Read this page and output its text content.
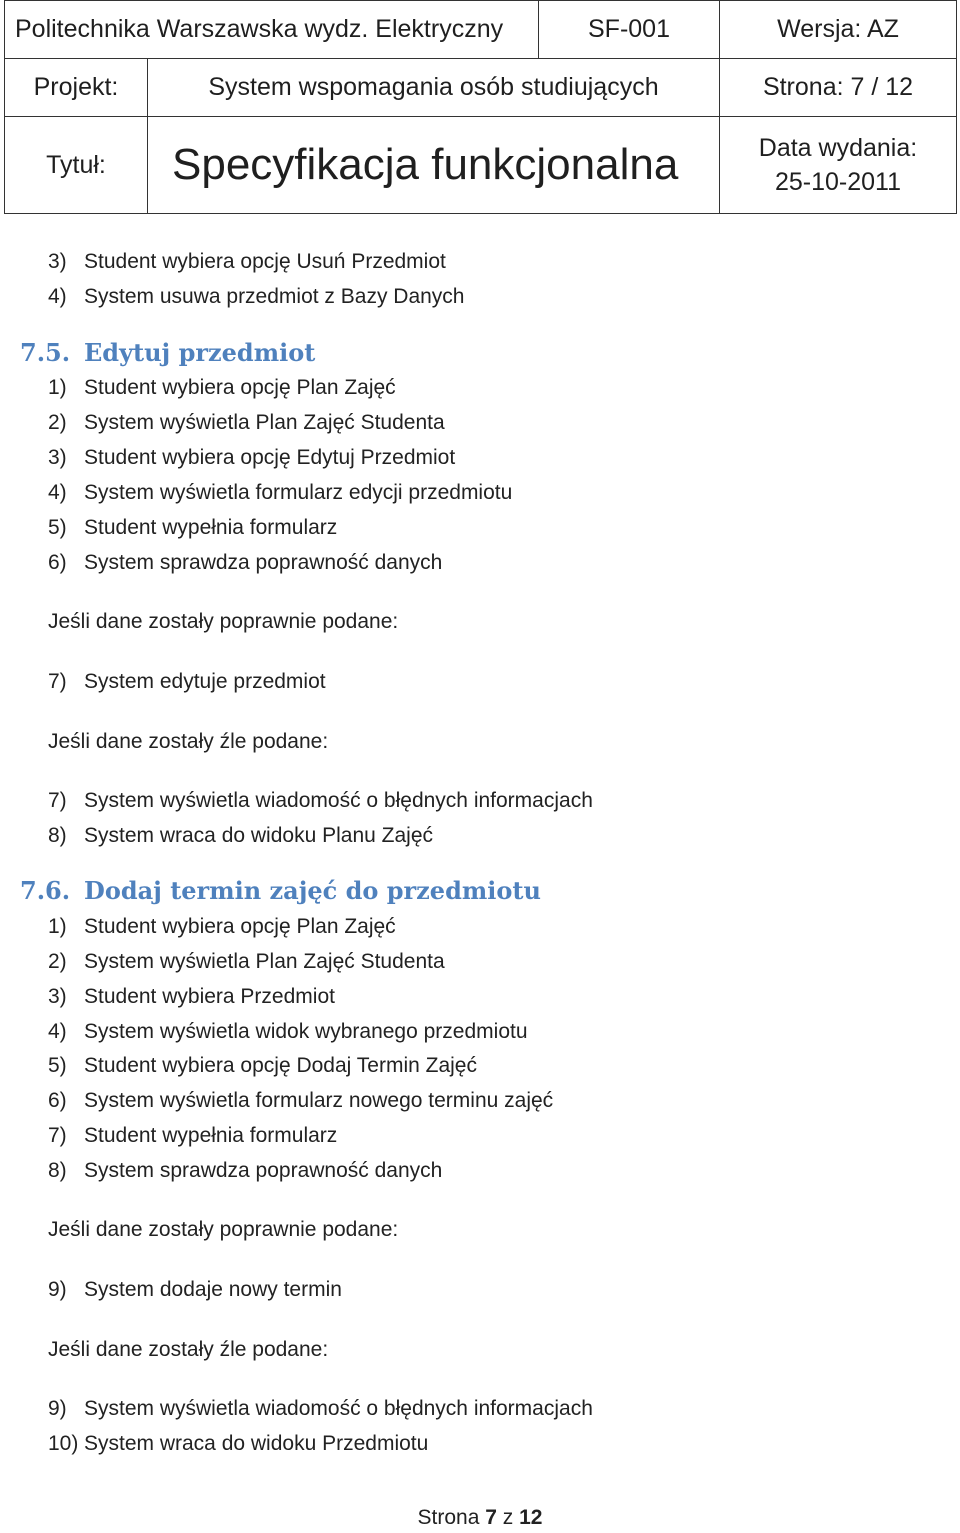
Politechnika Warszawska wydz. Elektryczny		SF-001	Wersja: AZ
Projekt:	System wspomagania osób studiujących		Strona: 7 / 12
Tytuł:	Specyfikacja funkcjonalna		Data wydania:
25-10-2011
3) Student wybiera opcję Usuń Przedmiot
4) System usuwa przedmiot z Bazy Danych
7.5. Edytuj przedmiot
1) Student wybiera opcję Plan Zajęć
2) System wyświetla Plan Zajęć Studenta
3) Student wybiera opcję Edytuj Przedmiot
4) System wyświetla formularz edycji przedmiotu
5) Student wypełnia formularz
6) System sprawdza poprawność danych
Jeśli dane zostały poprawnie podane:
7) System edytuje przedmiot
Jeśli dane zostały źle podane:
7) System wyświetla wiadomość o błędnych informacjach
8) System wraca do widoku Planu Zajęć
7.6. Dodaj termin zajęć do przedmiotu
1) Student wybiera opcję Plan Zajęć
2) System wyświetla Plan Zajęć Studenta
3) Student wybiera Przedmiot
4) System wyświetla widok wybranego przedmiotu
5) Student wybiera opcję Dodaj Termin Zajęć
6) System wyświetla formularz nowego terminu zajęć
7) Student wypełnia formularz
8) System sprawdza poprawność danych
Jeśli dane zostały poprawnie podane:
9) System dodaje nowy termin
Jeśli dane zostały źle podane:
9) System wyświetla wiadomość o błędnych informacjach
10) System wraca do widoku Przedmiotu
Strona 7 z 12
